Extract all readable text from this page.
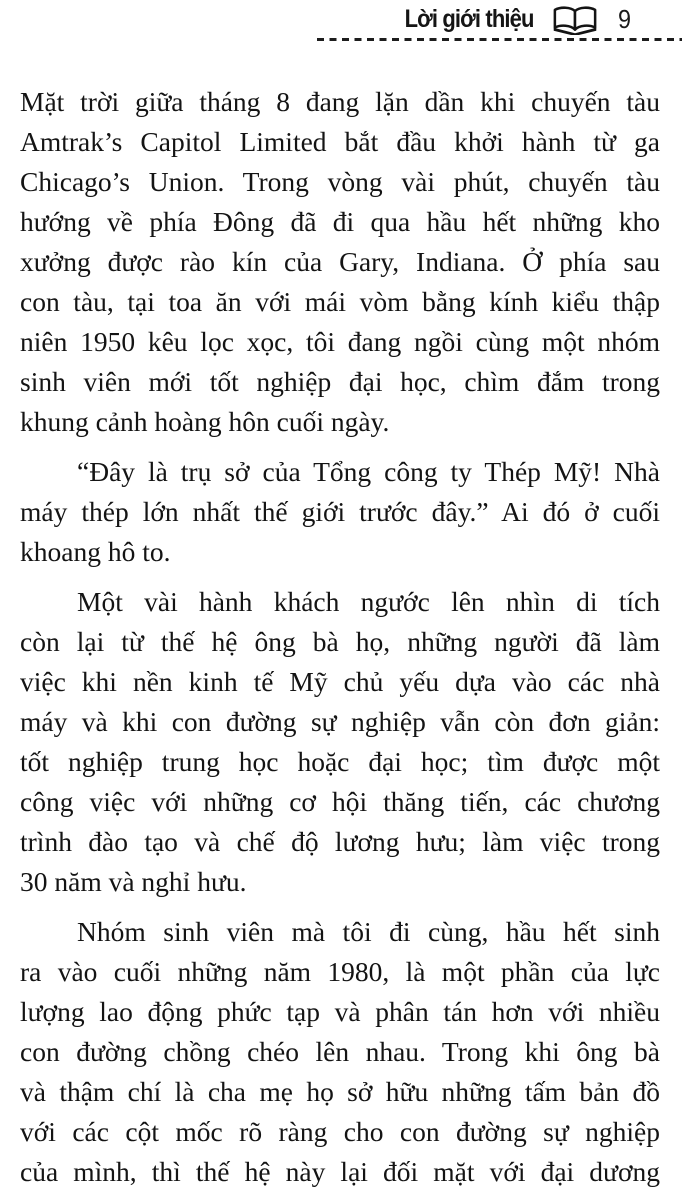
Lời giới thiệu	9

Mặt trời giữa tháng 8 đang lặn dần khi chuyến tàu
Amtrak’s Capitol Limited bắt đầu khởi hành từ ga
Chicago’s Union. Trong vòng vài phút, chuyến tàu
hướng về phía Đông đã đi qua hầu hết những kho
xưởng được rào kín của Gary, Indiana. Ở phía sau
con tàu, tại toa ăn với mái vòm bằng kính kiểu thập
niên 1950 kêu lọc xọc, tôi đang ngồi cùng một nhóm
sinh viên mới tốt nghiệp đại học, chìm đắm trong
khung cảnh hoàng hôn cuối ngày.

“Đây là trụ sở của Tổng công ty Thép Mỹ! Nhà
máy thép lớn nhất thế giới trước đây.” Ai đó ở cuối
khoang hô to.

Một vài hành khách ngước lên nhìn di tích
còn lại từ thế hệ ông bà họ, những người đã làm
việc khi nền kinh tế Mỹ chủ yếu dựa vào các nhà
máy và khi con đường sự nghiệp vẫn còn đơn giản:
tốt nghiệp trung học hoặc đại học; tìm được một
công việc với những cơ hội thăng tiến, các chương
trình đào tạo và chế độ lương hưu; làm việc trong
30 năm và nghỉ hưu.

Nhóm sinh viên mà tôi đi cùng, hầu hết sinh
ra vào cuối những năm 1980, là một phần của lực
lượng lao động phức tạp và phân tán hơn với nhiều
con đường chồng chéo lên nhau. Trong khi ông bà
và thậm chí là cha mẹ họ sở hữu những tấm bản đồ
với các cột mốc rõ ràng cho con đường sự nghiệp
của mình, thì thế hệ này lại đối mặt với đại dương
